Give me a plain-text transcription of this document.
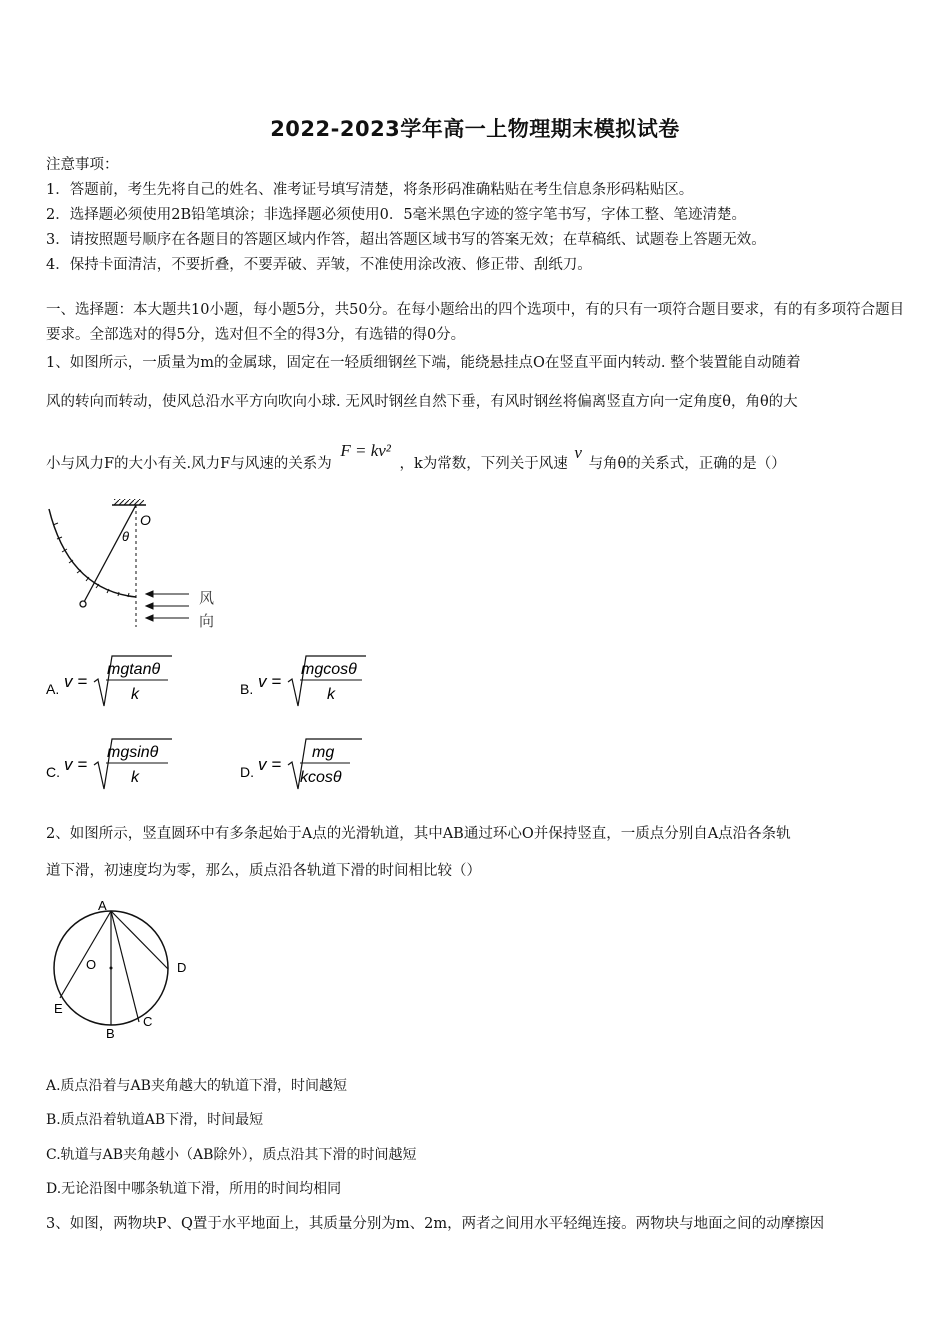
2022-2023学年高一上物理期末模拟试卷
注意事项：
1．答题前，考生先将自己的姓名、准考证号填写清楚，将条形码准确粘贴在考生信息条形码粘贴区。
2．选择题必须使用2B铅笔填涂；非选择题必须使用0．5毫米黑色字迹的签字笔书写，字体工整、笔迹清楚。
3．请按照题号顺序在各题目的答题区域内作答，超出答题区域书写的答案无效；在草稿纸、试题卷上答题无效。
4．保持卡面清洁，不要折叠，不要弄破、弄皱，不准使用涂改液、修正带、刮纸刀。
一、选择题：本大题共10小题，每小题5分，共50分。在每小题给出的四个选项中，有的只有一项符合题目要求，有的有多项符合题目要求。全部选对的得5分，选对但不全的得3分，有选错的得0分。
1、如图所示，一质量为m的金属球，固定在一轻质细钢丝下端，能绕悬挂点O在竖直平面内转动. 整个装置能自动随着
风的转向而转动，使风总沿水平方向吹向小球. 无风时钢丝自然下垂，有风时钢丝将偏离竖直方向一定角度θ，角θ的大
小与风力F的大小有关.风力F与风速的关系为 F = kv² ，k为常数，下列关于风速 v 与角θ的关系式，正确的是（）
O
θ
风
向
A. v =
mgtanθ
k	B. v =
mgcosθ
k
C. v =
mgsinθ
k	D. v =
mg
kcosθ
2、如图所示，竖直圆环中有多条起始于A点的光滑轨道，其中AB通过环心O并保持竖直，一质点分别自A点沿各条轨
道下滑，初速度均为零，那么，质点沿各轨道下滑的时间相比较（）
A
B
C
D
E
O
A.质点沿着与AB夹角越大的轨道下滑，时间越短
B.质点沿着轨道AB下滑，时间最短
C.轨道与AB夹角越小（AB除外），质点沿其下滑的时间越短
D.无论沿图中哪条轨道下滑，所用的时间均相同
3、如图，两物块P、Q置于水平地面上，其质量分别为m、2m，两者之间用水平轻绳连接。两物块与地面之间的动摩擦因
